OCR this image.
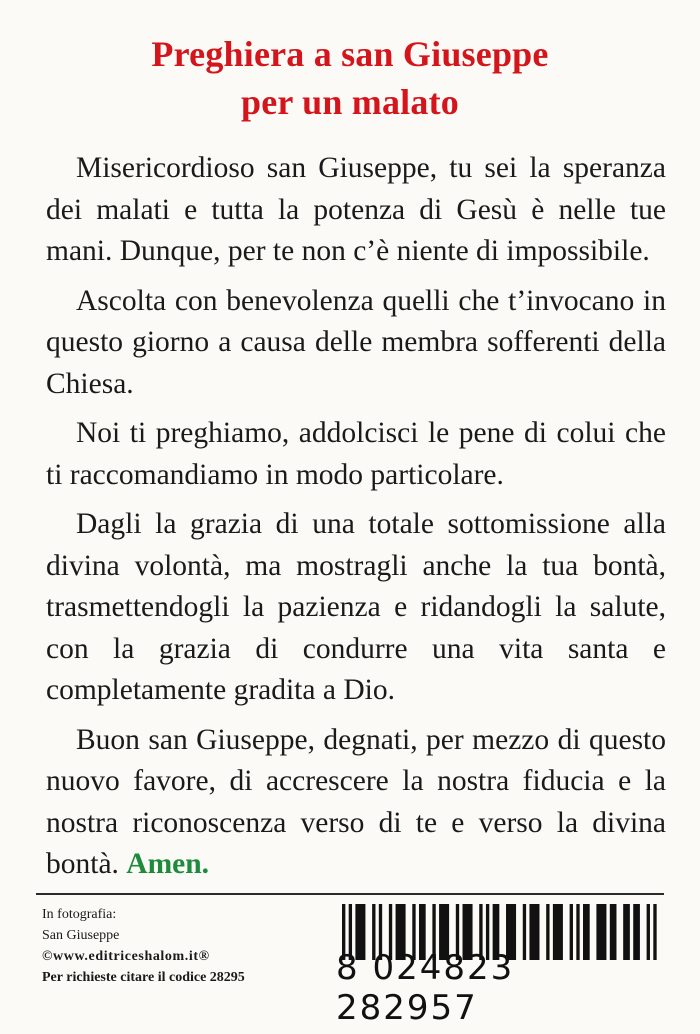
Preghiera a san Giuseppe
per un malato

Misericordioso san Giuseppe, tu sei la speranza dei malati e tutta la potenza di Gesù è nelle tue mani. Dunque, per te non c’è niente di impossibile.

Ascolta con benevolenza quelli che t’invocano in questo giorno a causa delle membra sofferenti della Chiesa.

Noi ti preghiamo, addolcisci le pene di colui che ti raccomandiamo in modo particolare.

Dagli la grazia di una totale sottomissione alla divina volontà, ma mostragli anche la tua bontà, trasmettendogli la pazienza e ridandogli la salute, con la grazia di condurre una vita santa e completamente gradita a Dio.

Buon san Giuseppe, degnati, per mezzo di questo nuovo favore, di accrescere la nostra fiducia e la nostra riconoscenza verso di te e verso la divina bontà. Amen.

In fotografia:
San Giuseppe
©www.editriceshalom.it®
Per richieste citare il codice 28295	8 024823 282957
